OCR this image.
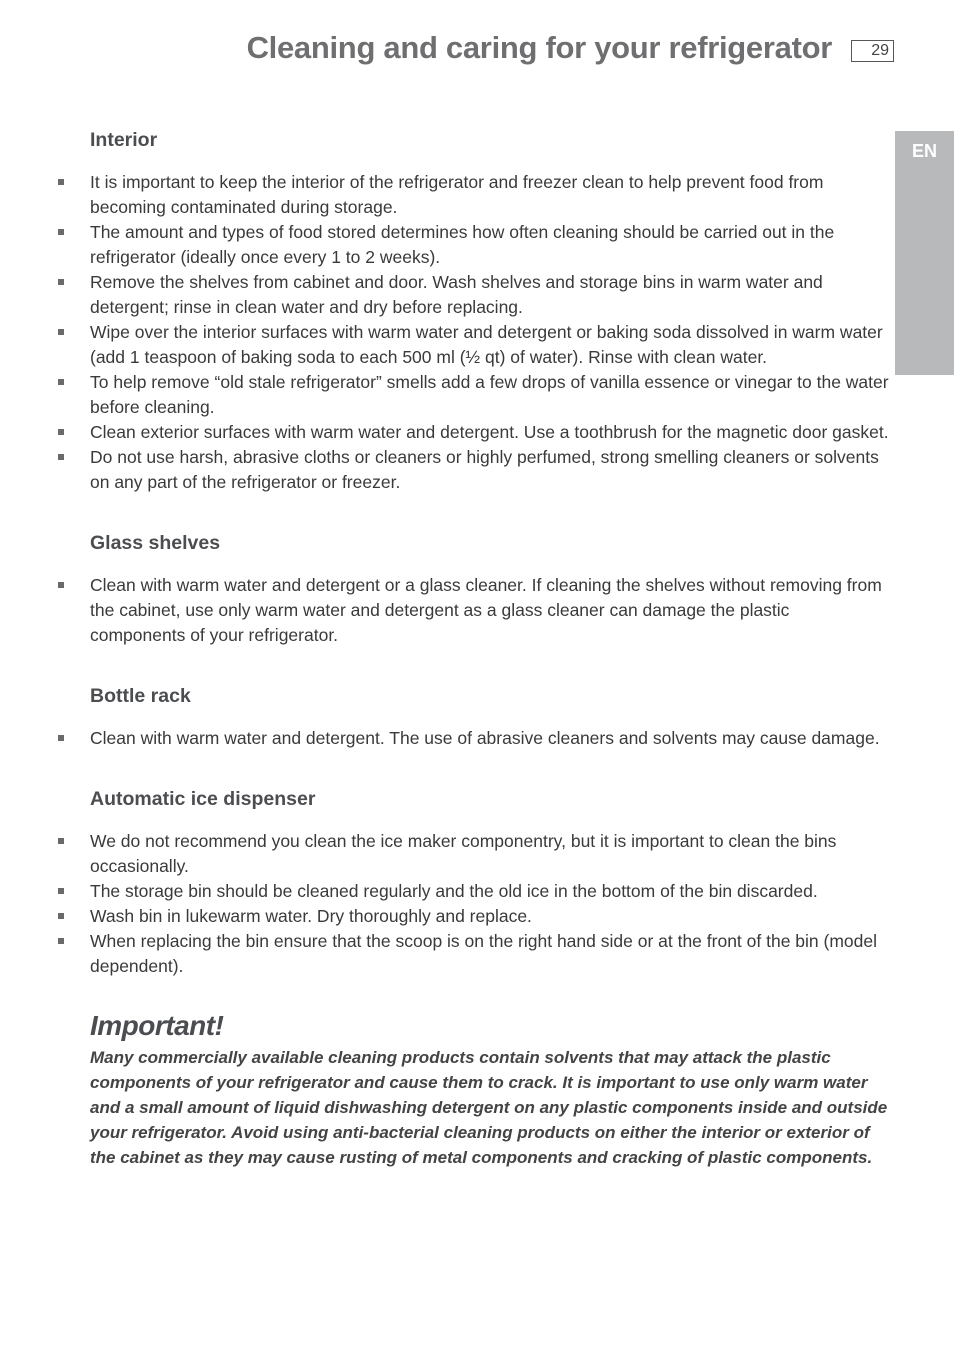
Cleaning and caring for your refrigerator	29
EN
Interior
It is important to keep the interior of the refrigerator and freezer clean to help prevent food from becoming contaminated during storage.
The amount and types of food stored determines how often cleaning should be carried out in the refrigerator (ideally once every 1 to 2 weeks).
Remove the shelves from cabinet and door. Wash shelves and storage bins in warm water and detergent; rinse in clean water and dry before replacing.
Wipe over the interior surfaces with warm water and detergent or baking soda dissolved in warm water (add 1 teaspoon of baking soda to each 500 ml (½ qt) of water). Rinse with clean water.
To help remove “old stale refrigerator” smells add a few drops of vanilla essence or vinegar to the water before cleaning.
Clean exterior surfaces with warm water and detergent. Use a toothbrush for the magnetic door gasket.
Do not use harsh, abrasive cloths or cleaners or highly perfumed, strong smelling cleaners or solvents on any part of the refrigerator or freezer.
Glass shelves
Clean with warm water and detergent or a glass cleaner. If cleaning the shelves without removing from the cabinet, use only warm water and detergent as a glass cleaner can damage the plastic components of your refrigerator.
Bottle rack
Clean with warm water and detergent. The use of abrasive cleaners and solvents may cause damage.
Automatic ice dispenser
We do not recommend you clean the ice maker componentry, but it is important to clean the bins occasionally.
The storage bin should be cleaned regularly and the old ice in the bottom of the bin discarded.
Wash bin in lukewarm water. Dry thoroughly and replace.
When replacing the bin ensure that the scoop is on the right hand side or at the front of the bin (model dependent).
Important!

Many commercially available cleaning products contain solvents that may attack the plastic components of your refrigerator and cause them to crack. It is important to use only warm water and a small amount of liquid dishwashing detergent on any plastic components inside and outside your refrigerator. Avoid using anti-bacterial cleaning products on either the interior or exterior of the cabinet as they may cause rusting of metal components and cracking of plastic components.
